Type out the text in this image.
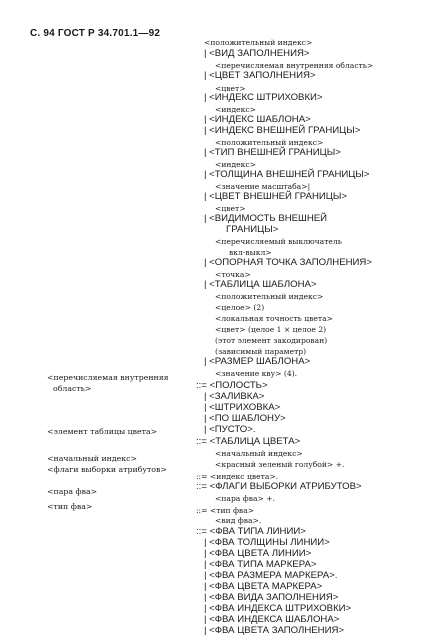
С. 94 ГОСТ Р 34.701.1—92
<положительный индекс>
| <ВИД ЗАПОЛНЕНИЯ>
<перечисляемая внутренняя область>
| <ЦВЕТ ЗАПОЛНЕНИЯ>
<цвет>
| <ИНДЕКС ШТРИХОВКИ>
<индекс>
| <ИНДЕКС ШАБЛОНА>
| <ИНДЕКС ВНЕШНЕЙ ГРАНИЦЫ>
<положительный индекс>
| <ТИП ВНЕШНЕЙ ГРАНИЦЫ>
<индекс>
| <ТОЛЩИНА ВНЕШНЕЙ ГРАНИЦЫ>
<значение масштаба>|
| <ЦВЕТ ВНЕШНЕЙ ГРАНИЦЫ>
<цвет>
| <ВИДИМОСТЬ ВНЕШНЕЙ
ГРАНИЦЫ>
<перечисляемый выключатель
вкл-выкл>
| <ОПОРНАЯ ТОЧКА ЗАПОЛНЕНИЯ>
<точка>
| <ТАБЛИЦА ШАБЛОНА>
<положительный индекс>
<целое> (2)
<локальная точность цвета>
<цвет> (целое 1 × целое 2)
(этот элемент закодирован)
(зависимый параметр)
| <РАЗМЕР ШАБЛОНА>
<значение кву> (4).
::= <ПОЛОСТЬ>
| <ЗАЛИВКА>
| <ШТРИХОВКА>
| <ПО ШАБЛОНУ>
| <ПУСТО>.
::= <ТАБЛИЦА ЦВЕТА>
<начальный индекс>
<красный зеленый голубой> +.
::= <индекс цвета>.
::= <ФЛАГИ ВЫБОРКИ АТРИБУТОВ>
<пара фва> +.
::= <тип фва>
<вид фва>.
::= <ФВА ТИПА ЛИНИИ>
| <ФВА ТОЛЩИНЫ ЛИНИИ>
| <ФВА ЦВЕТА ЛИНИИ>
| <ФВА ТИПА МАРКЕРА>
| <ФВА РАЗМЕРА МАРКЕРА>.
| <ФВА ЦВЕТА МАРКЕРА>
| <ФВА ВИДА ЗАПОЛНЕНИЯ>
| <ФВА ИНДЕКСА ШТРИХОВКИ>
| <ФВА ИНДЕКСА ШАБЛОНА>
| <ФВА ЦВЕТА ЗАПОЛНЕНИЯ>
<перечисляемая внутренняя
область>
<элемент таблицы цвета>
<начальный индекс>
<флаги выборки атрибутов>
<пара фва>
<тип фва>
